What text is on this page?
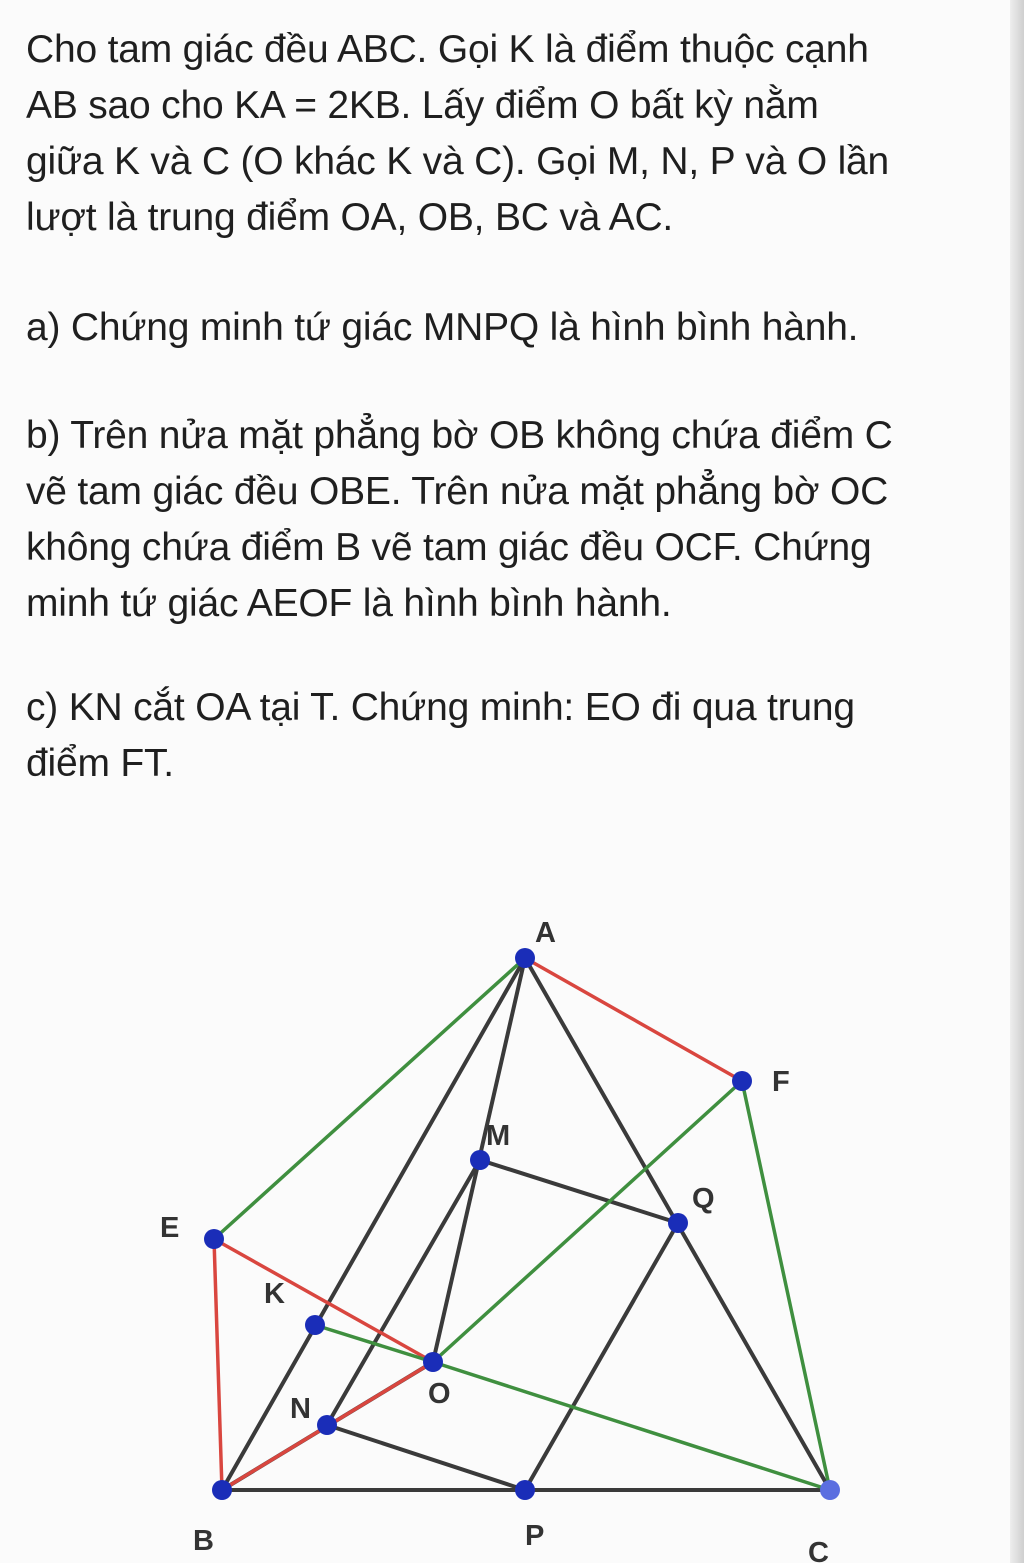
Cho tam giác đều ABC. Gọi K là điểm thuộc cạnh
AB sao cho KA = 2KB. Lấy điểm O bất kỳ nằm
giữa K và C (O khác K và C). Gọi M, N, P và O lần
lượt là trung điểm OA, OB, BC và AC.
a) Chứng minh tứ giác MNPQ là hình bình hành.
b) Trên nửa mặt phẳng bờ OB không chứa điểm C
vẽ tam giác đều OBE. Trên nửa mặt phẳng bờ OC
không chứa điểm B vẽ tam giác đều OCF. Chứng
minh tứ giác AEOF là hình bình hành.
c) KN cắt OA tại T. Chứng minh: EO đi qua trung
điểm FT.
A
F
M
Q
E
K
O
N
B	P
C
